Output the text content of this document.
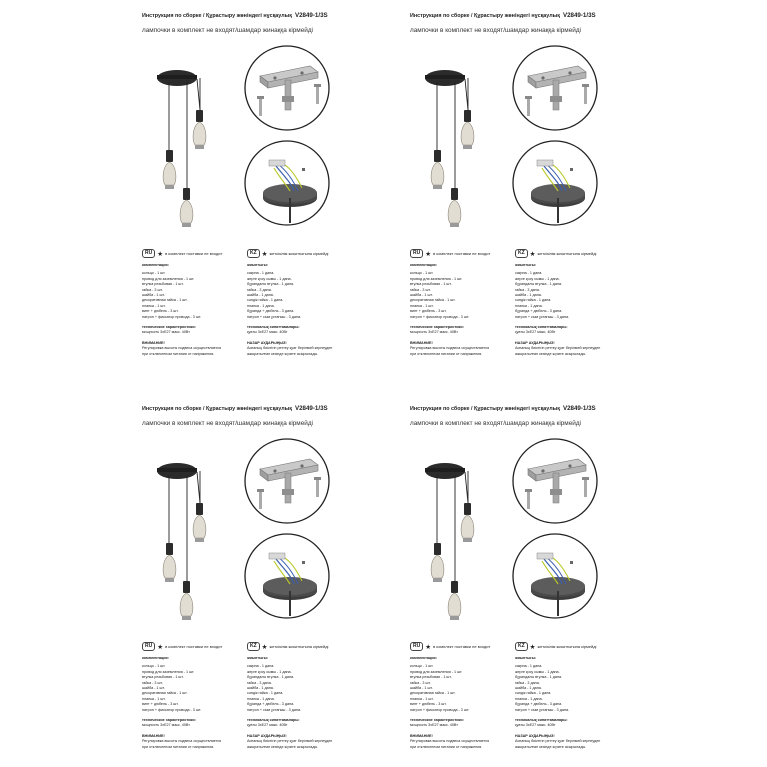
Инструкция по сборке / Құрастыру жөніндегі нұсқаулық V2849-1/3S
лампочки в комплект не входят/шамдар жинаққа кірмейді
RU ★ в комплект поставки не входит	KZ ★ жеткізілім жиынтығына кірмейді
комплектация:
кольцо - 1 шт.
провод для заземления - 1 шт.
втулка резьбовая - 1 шт.
гайка - 3 шт.
шайба - 1 шт.
декоративная гайка - 1 шт.
планка - 1 шт.
винт + дюбель - 3 шт.
патрон + фиксатор провода - 3 шт.
технические характеристики:
мощность 3xE27 макс. 40Вт
ВНИМАНИЕ!
Регулировка высоты подвеса осуществляется
при отключенном питании от напряжения.
жиынтығы:
сақина - 1 дана.
жерге қосу сымы - 1 дана.
бұрандалы втулка - 1 дана.
гайка - 3 дана.
шайба - 1 дана.
сәндік гайка - 1 дана.
планка - 1 дана.
бұранда + дюбель - 3 дана.
патрон + сым ұстағыш - 3 дана.
техникалық сипаттамалары:
қуаты 3xE27 макс. 40Вт
НАЗАР АУДАРЫҢЫЗ!
Аспаның биіктігін реттеу қуат берілмей кернеуден
ажыратылған кезінде жүзеге асырылады.
Инструкция по сборке / Құрастыру жөніндегі нұсқаулық V2849-1/3S
лампочки в комплект не входят/шамдар жинаққа кірмейді
RU ★ в комплект поставки не входит	KZ ★ жеткізілім жиынтығына кірмейді
комплектация:
кольцо - 1 шт.
провод для заземления - 1 шт.
втулка резьбовая - 1 шт.
гайка - 3 шт.
шайба - 1 шт.
декоративная гайка - 1 шт.
планка - 1 шт.
винт + дюбель - 3 шт.
патрон + фиксатор провода - 3 шт.
технические характеристики:
мощность 3xE27 макс. 40Вт
ВНИМАНИЕ!
Регулировка высоты подвеса осуществляется
при отключенном питании от напряжения.
жиынтығы:
сақина - 1 дана.
жерге қосу сымы - 1 дана.
бұрандалы втулка - 1 дана.
гайка - 3 дана.
шайба - 1 дана.
сәндік гайка - 1 дана.
планка - 1 дана.
бұранда + дюбель - 3 дана.
патрон + сым ұстағыш - 3 дана.
техникалық сипаттамалары:
қуаты 3xE27 макс. 40Вт
НАЗАР АУДАРЫҢЫЗ!
Аспаның биіктігін реттеу қуат берілмей кернеуден
ажыратылған кезінде жүзеге асырылады.
Инструкция по сборке / Құрастыру жөніндегі нұсқаулық V2849-1/3S
лампочки в комплект не входят/шамдар жинаққа кірмейді
RU ★ в комплект поставки не входит	KZ ★ жеткізілім жиынтығына кірмейді
комплектация:
кольцо - 1 шт.
провод для заземления - 1 шт.
втулка резьбовая - 1 шт.
гайка - 3 шт.
шайба - 1 шт.
декоративная гайка - 1 шт.
планка - 1 шт.
винт + дюбель - 3 шт.
патрон + фиксатор провода - 3 шт.
технические характеристики:
мощность 3xE27 макс. 40Вт
ВНИМАНИЕ!
Регулировка высоты подвеса осуществляется
при отключенном питании от напряжения.
жиынтығы:
сақина - 1 дана.
жерге қосу сымы - 1 дана.
бұрандалы втулка - 1 дана.
гайка - 3 дана.
шайба - 1 дана.
сәндік гайка - 1 дана.
планка - 1 дана.
бұранда + дюбель - 3 дана.
патрон + сым ұстағыш - 3 дана.
техникалық сипаттамалары:
қуаты 3xE27 макс. 40Вт
НАЗАР АУДАРЫҢЫЗ!
Аспаның биіктігін реттеу қуат берілмей кернеуден
ажыратылған кезінде жүзеге асырылады.
Инструкция по сборке / Құрастыру жөніндегі нұсқаулық V2849-1/3S
лампочки в комплект не входят/шамдар жинаққа кірмейді
RU ★ в комплект поставки не входит	KZ ★ жеткізілім жиынтығына кірмейді
комплектация:
кольцо - 1 шт.
провод для заземления - 1 шт.
втулка резьбовая - 1 шт.
гайка - 3 шт.
шайба - 1 шт.
декоративная гайка - 1 шт.
планка - 1 шт.
винт + дюбель - 3 шт.
патрон + фиксатор провода - 3 шт.
технические характеристики:
мощность 3xE27 макс. 40Вт
ВНИМАНИЕ!
Регулировка высоты подвеса осуществляется
при отключенном питании от напряжения.
жиынтығы:
сақина - 1 дана.
жерге қосу сымы - 1 дана.
бұрандалы втулка - 1 дана.
гайка - 3 дана.
шайба - 1 дана.
сәндік гайка - 1 дана.
планка - 1 дана.
бұранда + дюбель - 3 дана.
патрон + сым ұстағыш - 3 дана.
техникалық сипаттамалары:
қуаты 3xE27 макс. 40Вт
НАЗАР АУДАРЫҢЫЗ!
Аспаның биіктігін реттеу қуат берілмей кернеуден
ажыратылған кезінде жүзеге асырылады.
